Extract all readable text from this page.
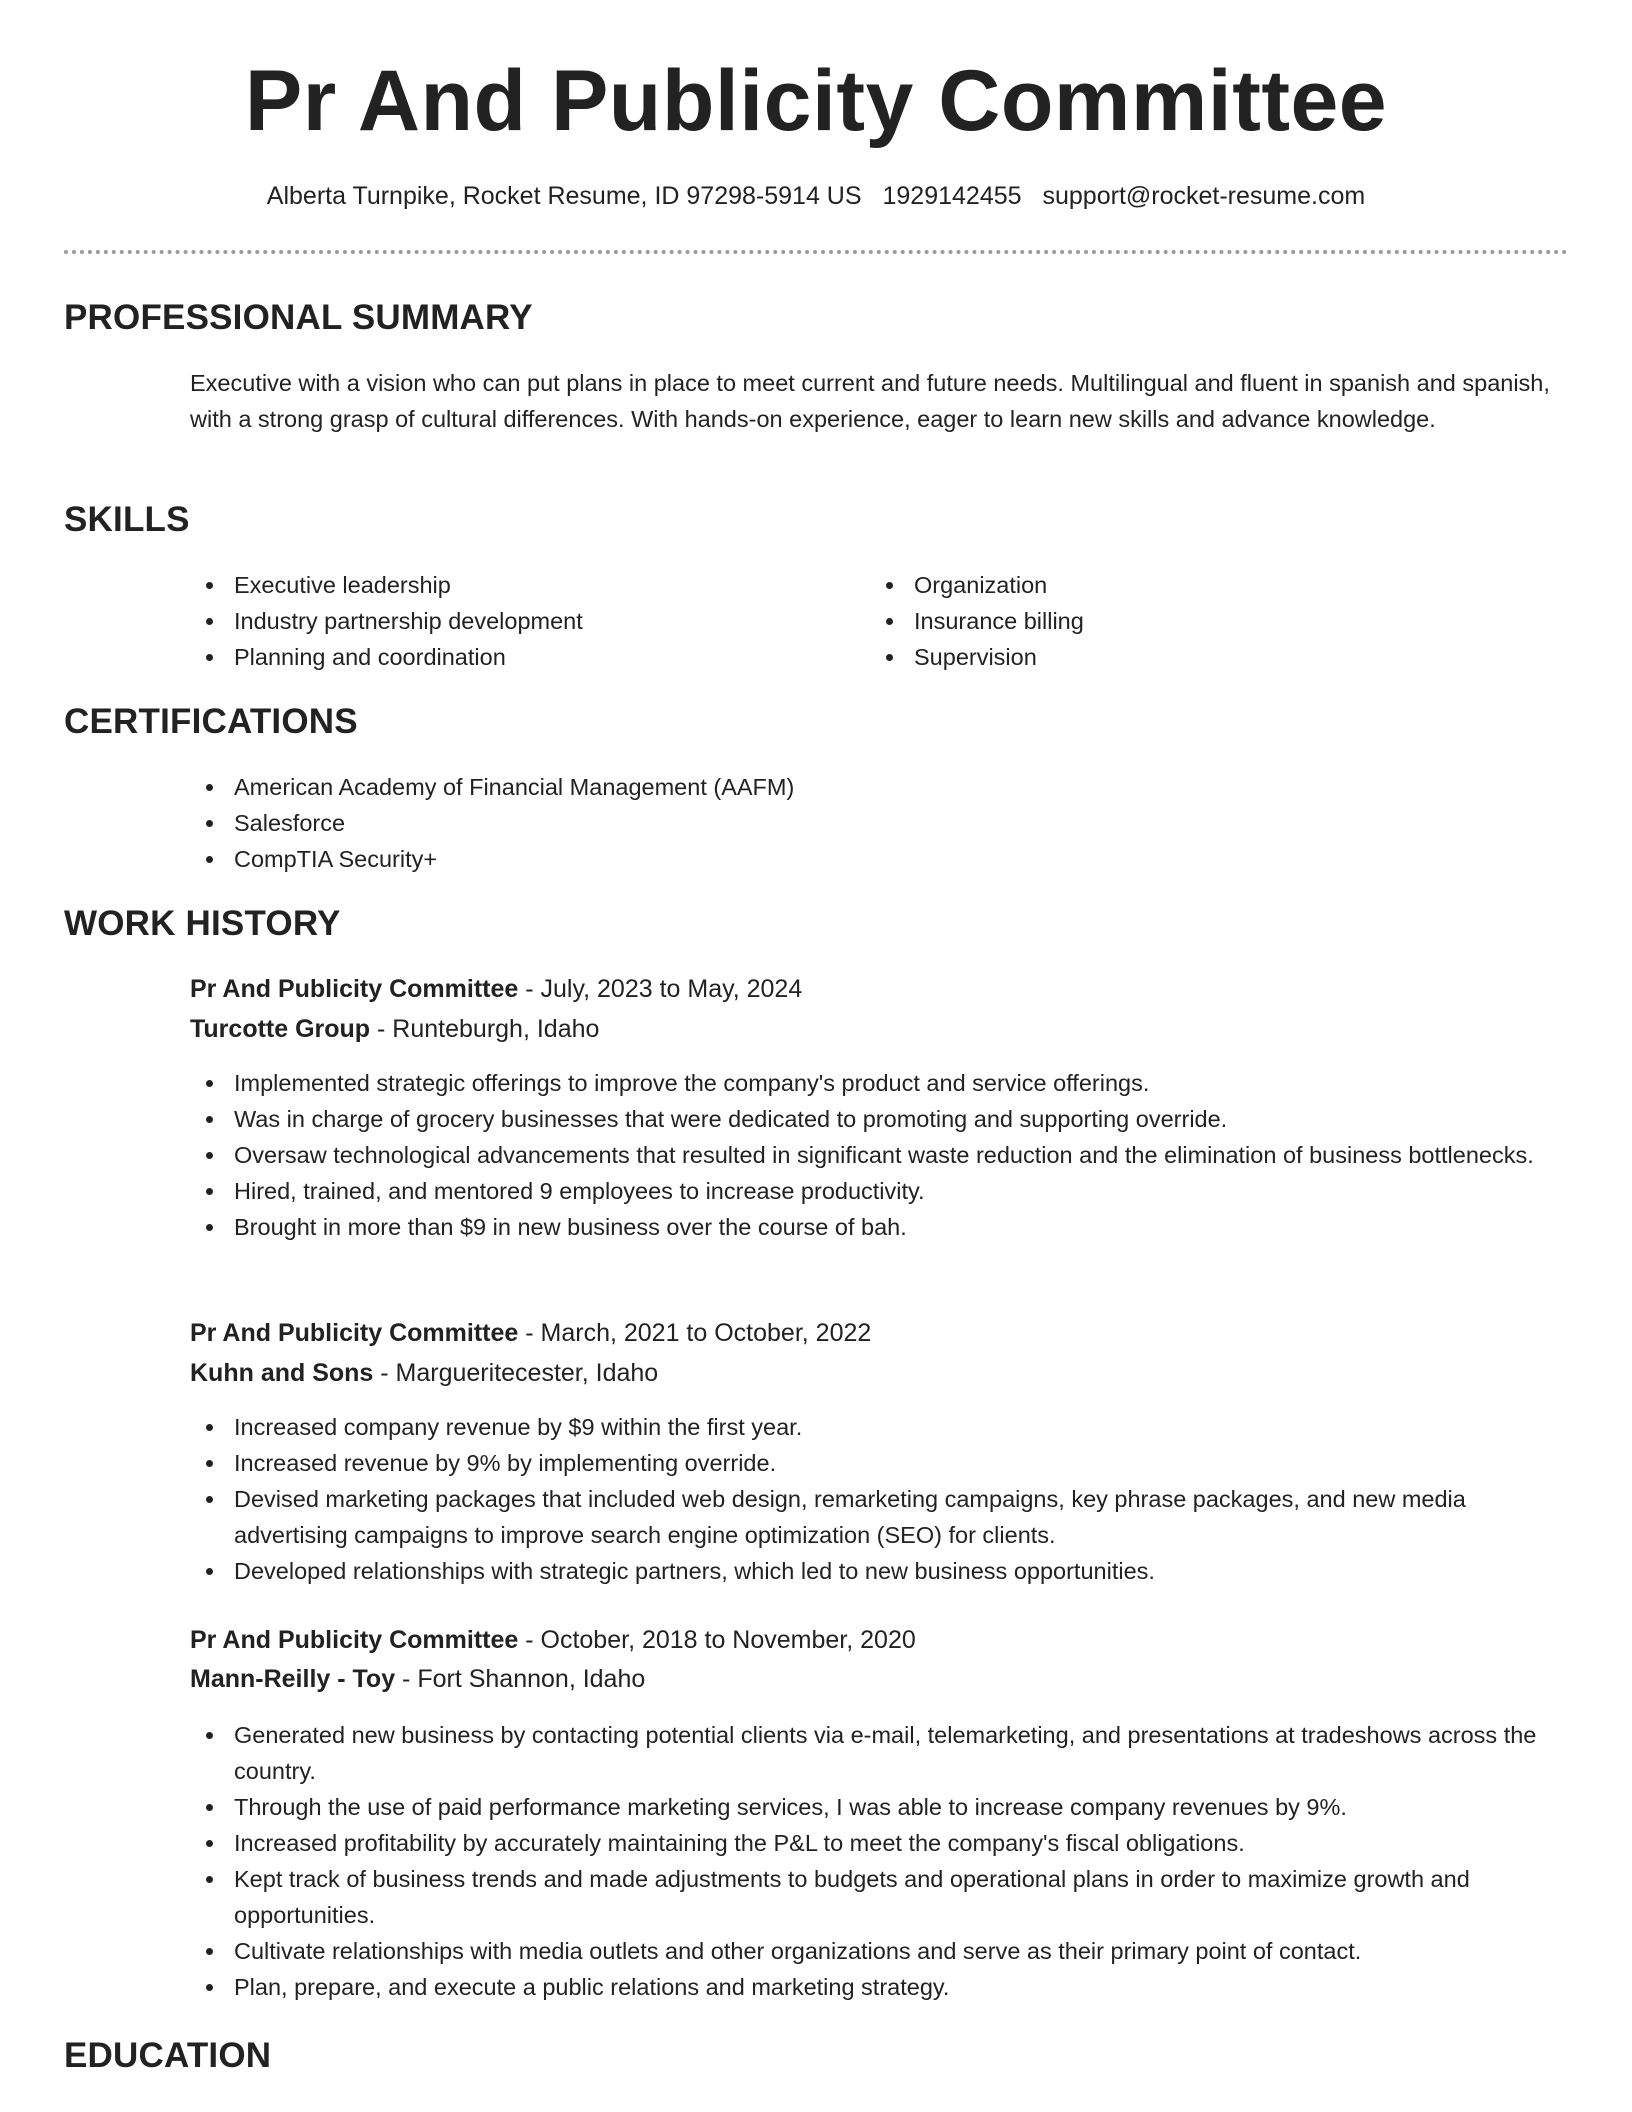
Pr And Publicity Committee
Alberta Turnpike, Rocket Resume, ID 97298-5914 US 1929142455 support@rocket-resume.com
PROFESSIONAL SUMMARY

Executive with a vision who can put plans in place to meet current and future needs. Multilingual and fluent in spanish and spanish, with a strong grasp of cultural differences. With hands-on experience, eager to learn new skills and advance knowledge.

SKILLS
Executive leadership
Industry partnership development
Planning and coordination
Organization
Insurance billing
Supervision
CERTIFICATIONS
American Academy of Financial Management (AAFM)
Salesforce
CompTIA Security+
WORK HISTORY
Pr And Publicity Committee - July, 2023 to May, 2024
Turcotte Group - Runteburgh, Idaho
Implemented strategic offerings to improve the company's product and service offerings.
Was in charge of grocery businesses that were dedicated to promoting and supporting override.
Oversaw technological advancements that resulted in significant waste reduction and the elimination of business bottlenecks.
Hired, trained, and mentored 9 employees to increase productivity.
Brought in more than $9 in new business over the course of bah.
Pr And Publicity Committee - March, 2021 to October, 2022
Kuhn and Sons - Margueritecester, Idaho
Increased company revenue by $9 within the first year.
Increased revenue by 9% by implementing override.
Devised marketing packages that included web design, remarketing campaigns, key phrase packages, and new media advertising campaigns to improve search engine optimization (SEO) for clients.
Developed relationships with strategic partners, which led to new business opportunities.
Pr And Publicity Committee - October, 2018 to November, 2020
Mann-Reilly - Toy - Fort Shannon, Idaho
Generated new business by contacting potential clients via e-mail, telemarketing, and presentations at tradeshows across the country.
Through the use of paid performance marketing services, I was able to increase company revenues by 9%.
Increased profitability by accurately maintaining the P&L to meet the company's fiscal obligations.
Kept track of business trends and made adjustments to budgets and operational plans in order to maximize growth and opportunities.
Cultivate relationships with media outlets and other organizations and serve as their primary point of contact.
Plan, prepare, and execute a public relations and marketing strategy.
EDUCATION
